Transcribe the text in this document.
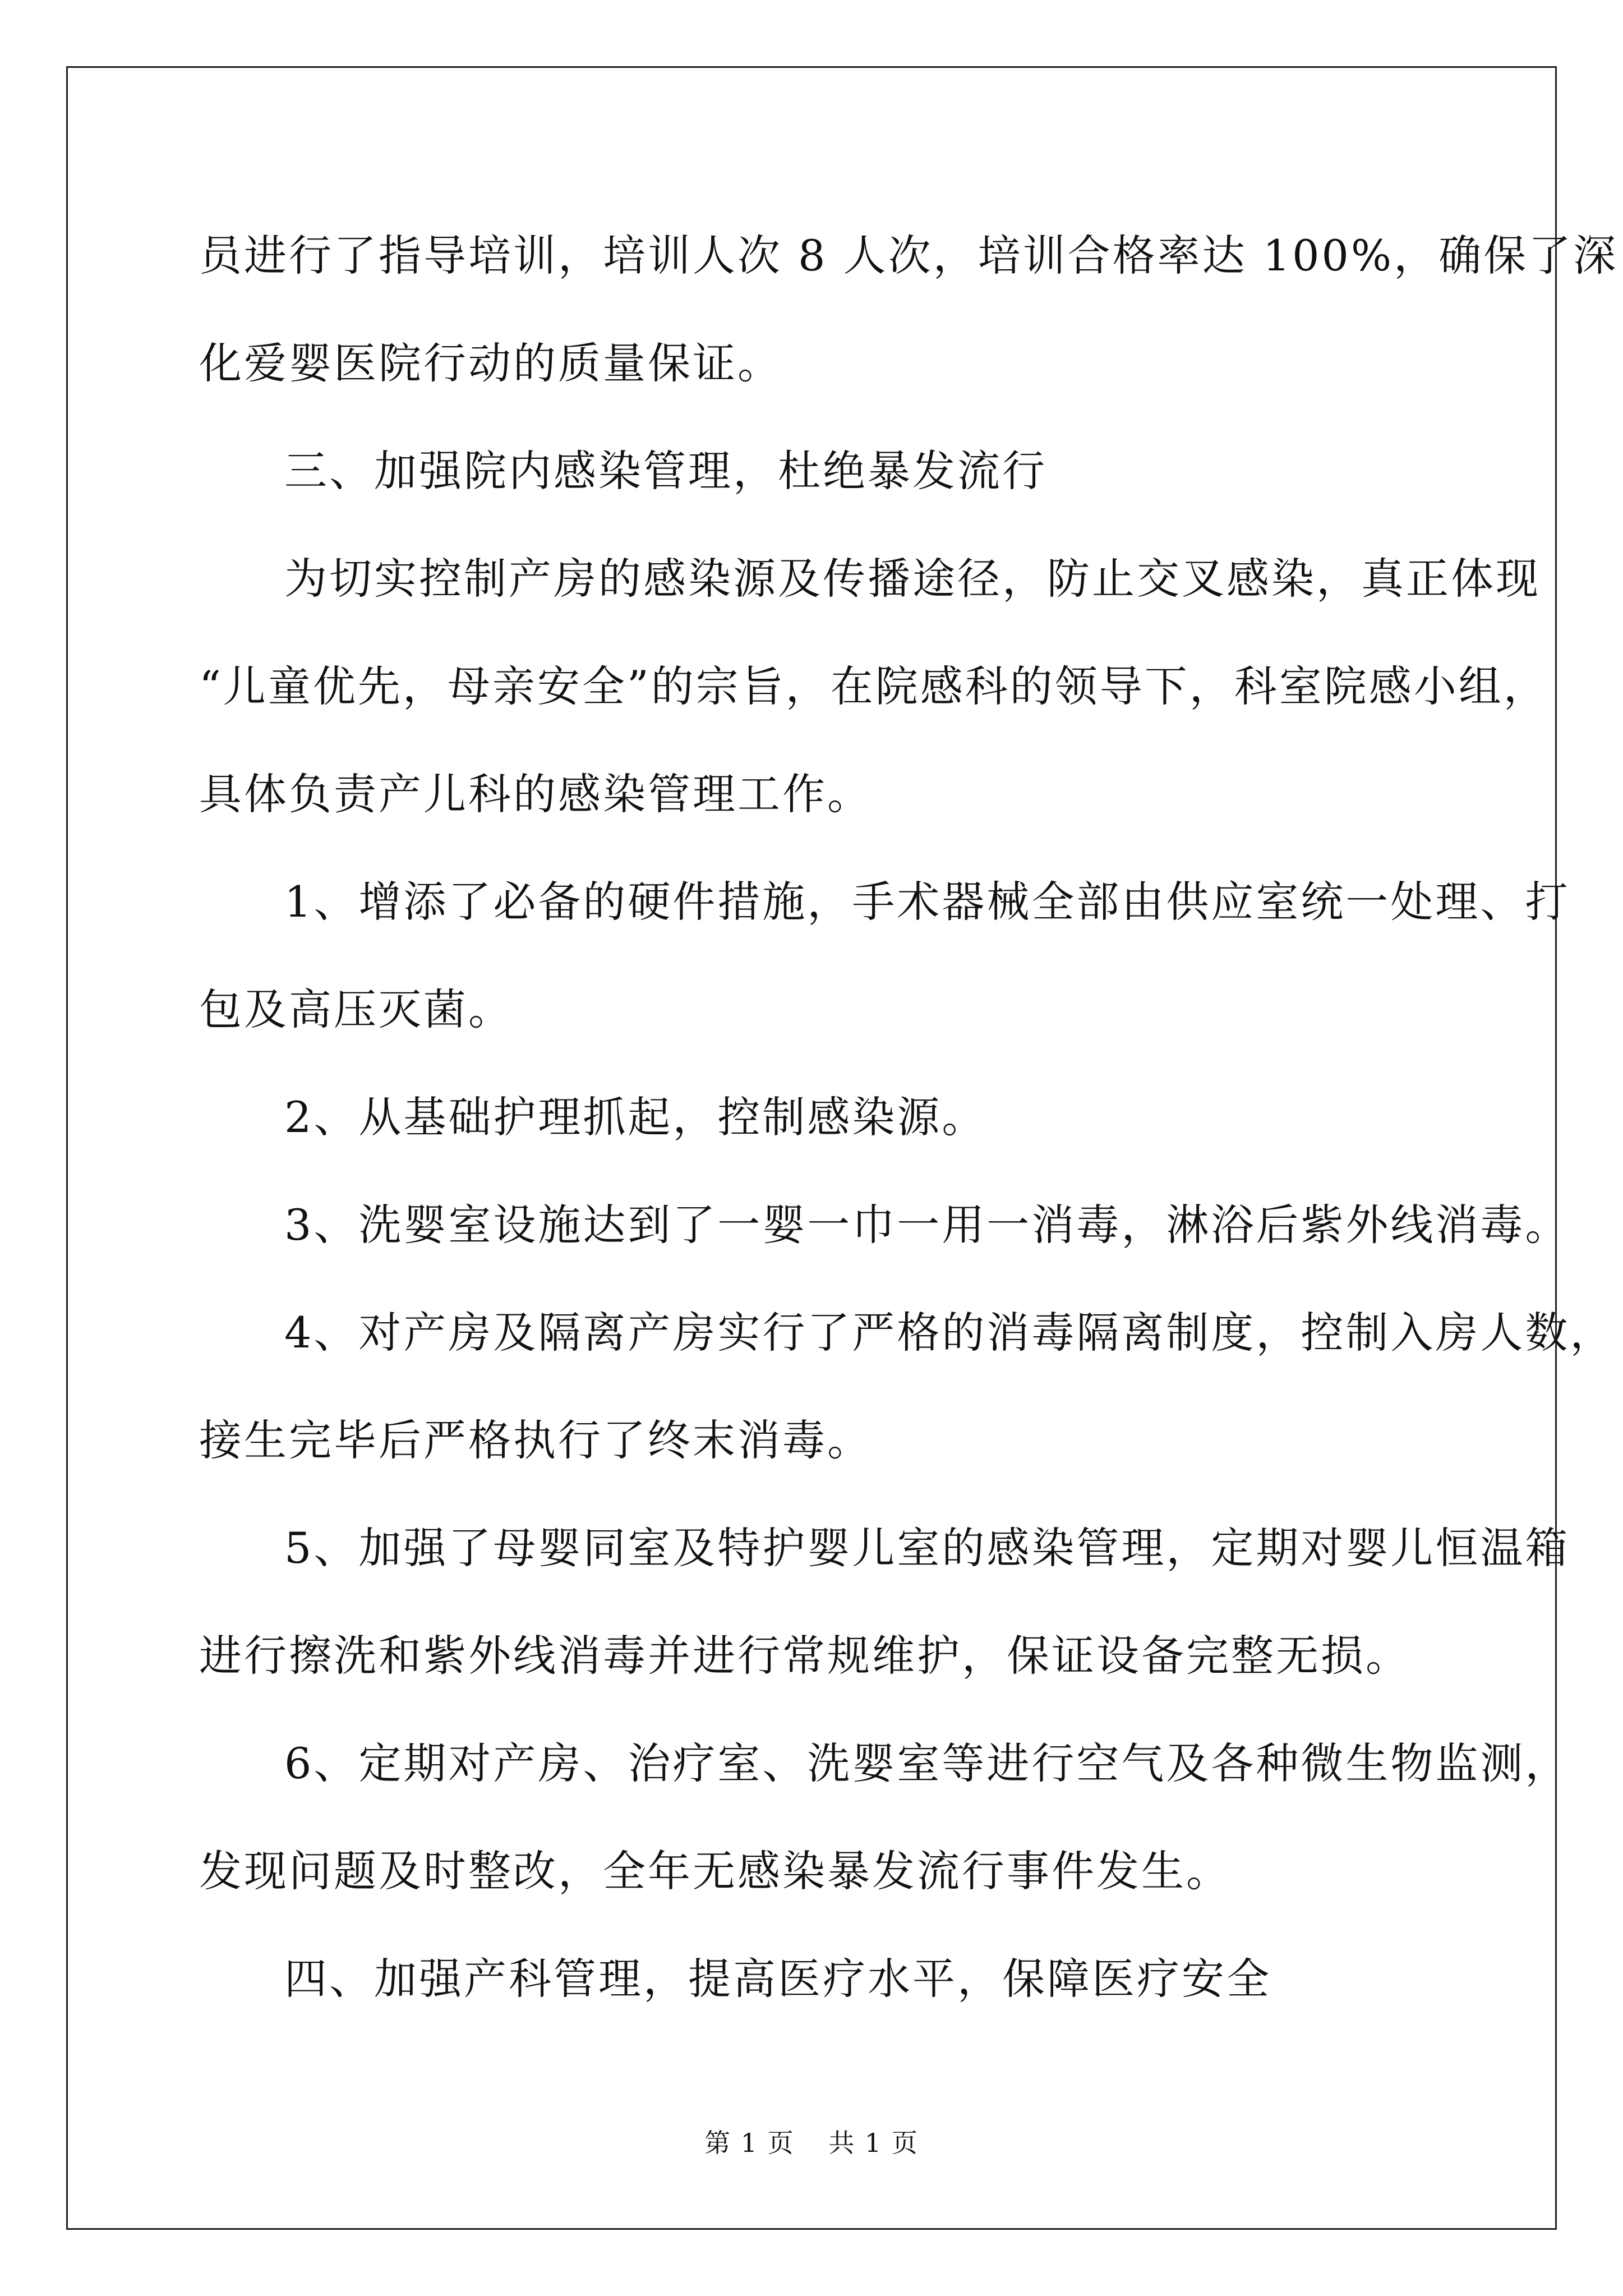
员进行了指导培训，培训人次 8 人次，培训合格率达 100%，确保了深

化爱婴医院行动的质量保证。

三、加强院内感染管理，杜绝暴发流行

为切实控制产房的感染源及传播途径，防止交叉感染，真正体现

“儿童优先，母亲安全”的宗旨，在院感科的领导下，科室院感小组，

具体负责产儿科的感染管理工作。

1、增添了必备的硬件措施，手术器械全部由供应室统一处理、打

包及高压灭菌。

2、从基础护理抓起，控制感染源。

3、洗婴室设施达到了一婴一巾一用一消毒，淋浴后紫外线消毒。

4、对产房及隔离产房实行了严格的消毒隔离制度，控制入房人数，

接生完毕后严格执行了终末消毒。

5、加强了母婴同室及特护婴儿室的感染管理，定期对婴儿恒温箱

进行擦洗和紫外线消毒并进行常规维护，保证设备完整无损。

6、定期对产房、治疗室、洗婴室等进行空气及各种微生物监测，

发现问题及时整改，全年无感染暴发流行事件发生。

四、加强产科管理，提高医疗水平，保障医疗安全

第 1 页 共 1 页
